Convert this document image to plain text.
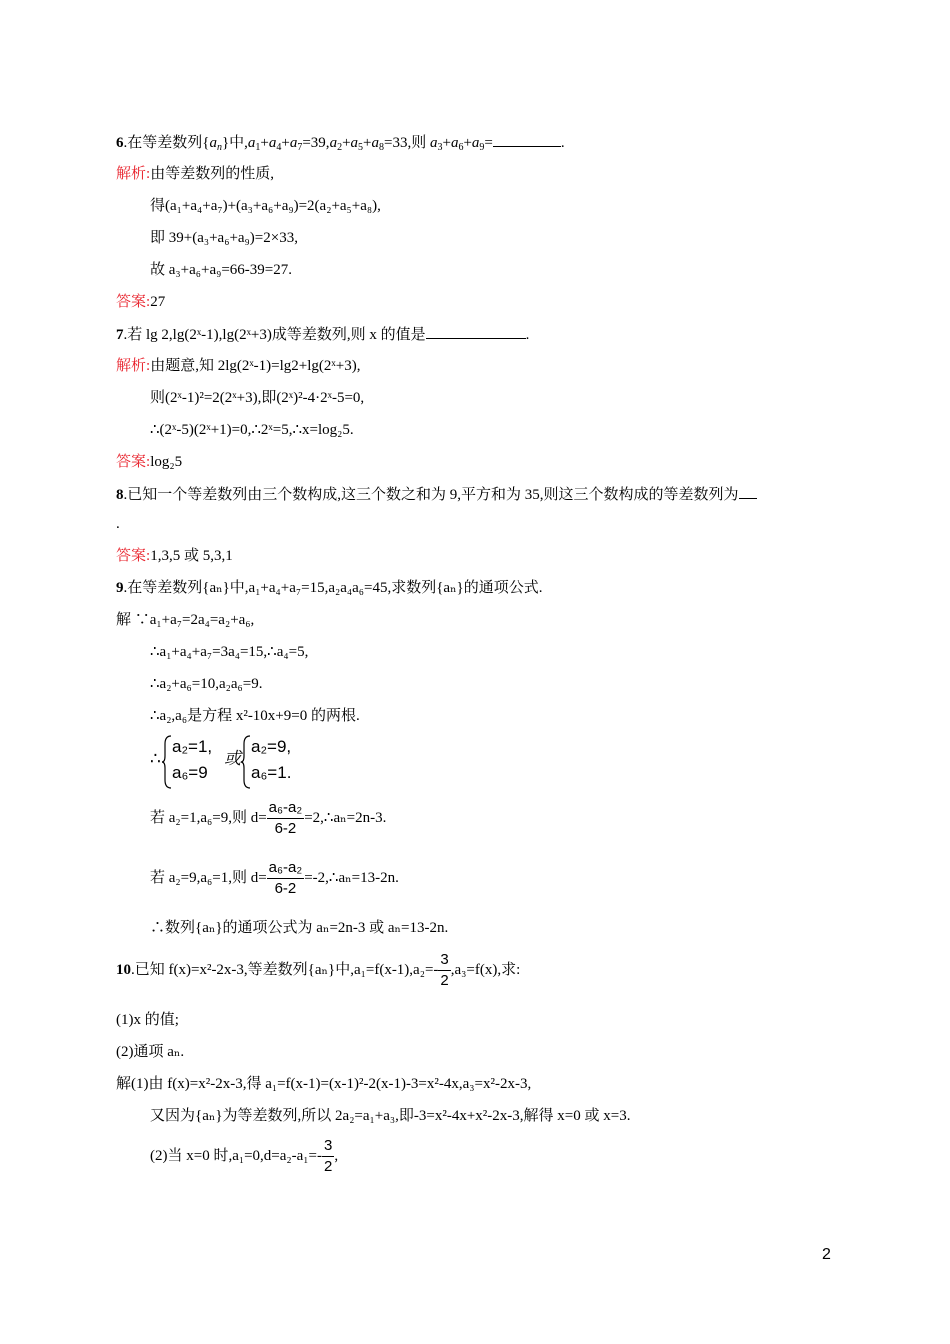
6.在等差数列$\{a_n\}$中$,a_1+a_4+a_7=39,a_2+a_5+a_8=33$,则 $a_3+a_6+a_9=$	.
解析:由等差数列的性质,
得(a₁+a₄+a₇)+(a₃+a₆+a₉)=2(a₂+a₅+a₈),
即 39+(a₃+a₆+a₉)=2×33,
故 a₃+a₆+a₉=66-39=27.
答案:27
7.若 lg 2,lg(2ˣ-1),lg(2ˣ+3)成等差数列,则 x 的值是	.
解析:由题意,知 2lg(2ˣ-1)=lg2+lg(2ˣ+3),
则(2ˣ-1)²=2(2ˣ+3),即(2ˣ)²-4·2ˣ-5=0,
∴(2ˣ-5)(2ˣ+1)=0,∴2ˣ=5,∴x=log₂5.
答案:log₂5
8.已知一个等差数列由三个数构成,这三个数之和为 9,平方和为 35,则这三个数构成的等差数列为
.
答案:1,3,5 或 5,3,1
9.在等差数列{aₙ}中,a₁+a₄+a₇=15,a₂a₄a₆=45,求数列{aₙ}的通项公式.
解 ∵a₁+a₇=2a₄=a₂+a₆,
∴a₁+a₄+a₇=3a₄=15,∴a₄=5,
∴a₂+a₆=10,a₂a₆=9.
∴a₂,a₆是方程 x²-10x+9=0 的两根.
∴
a₂=1,
a₆=9
或
a₂=9,
a₆=1.
若 a₂=1,a₆=9,则 $d= \frac{\text{a₆-a₂}}{6-2}$ =2,∴aₙ=2n-3.
若 a₂=9,a₆=1,则 $d= \frac{\text{a₆-a₂}}{6-2}$ =-2,∴aₙ=13-2n.
∴数列{aₙ}的通项公式为 aₙ=2n-3 或 aₙ=13-2n.
10.已知 f(x)=x²-2x-3,等差数列{aₙ}中$,a_1=f(x-1),a_2=- \frac{3}{2} ,a_3=f(x)$,求:
(1)x 的值;
(2)通项 aₙ.
解(1)由 f(x)=x²-2x-3,得 a₁=f(x-1)=(x-1)²-2(x-1)-3=x²-4x,a₃=x²-2x-3,
又因为{aₙ}为等差数列,所以 2a₂=a₁+a₃,即-3=x²-4x+x²-2x-3,解得 x=0 或 x=3.
(2)当 x=0 时$,a_1=0,d=a_2-a_1=- \frac{3}{2}$ ,
2
